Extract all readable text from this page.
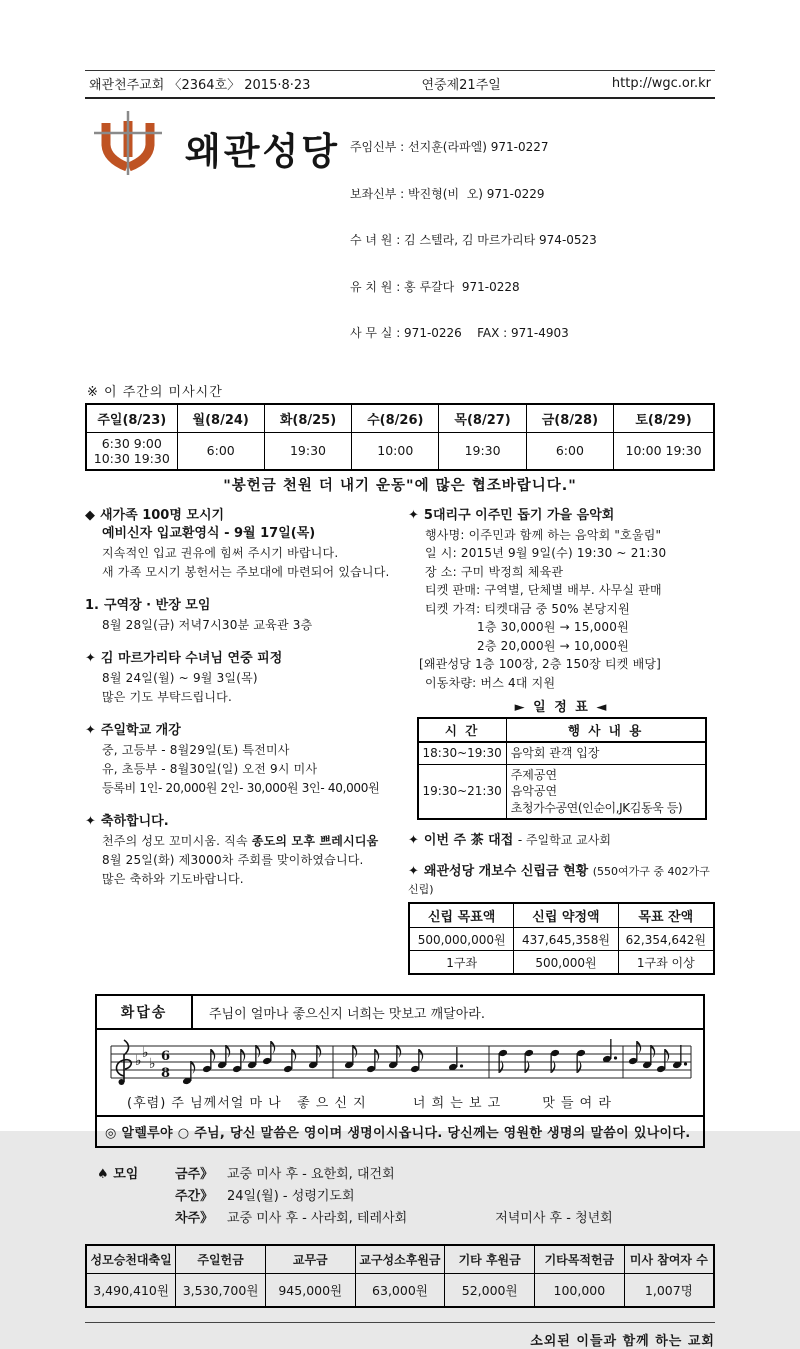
왜관천주교회 〈2364호〉 2015·8·23	연중제21주일	http://wgc.or.kr
왜관성당

주임신부 : 선지훈(라파엘) 971-0227

보좌신부 : 박진형(비  오) 971-0229

수 녀 원 : 김 스텔라, 김 마르가리타 974-0523

유 치 원 : 홍 루갈다  971-0228

사 무 실 : 971-0226    FAX : 971-4903

※ 이 주간의 미사시간
주일(8/23)	월(8/24)	화(8/25)	수(8/26)	목(8/27)	금(8/28)	토(8/29)

6:30 9:00
10:30 19:30	6:00	19:30	10:00	19:30	6:00	10:00 19:30
"봉헌금 천원 더 내기 운동"에 많은 협조바랍니다."
◆ 새가족 100명 모시기
예비신자 입교환영식 - 9월 17일(목)
지속적인 입교 권유에 힘써 주시기 바랍니다.
새 가족 모시기 봉헌서는 주보대에 마련되어 있습니다.
1. 구역장 · 반장 모임
8월 28일(금) 저녁7시30분 교육관 3층
✦ 김 마르가리타 수녀님 연중 피정
8월 24일(월) ~ 9월 3일(목)
많은 기도 부탁드립니다.
✦ 주일학교 개강
중, 고등부 - 8월29일(토) 특전미사
유, 초등부 - 8월30일(일) 오전 9시 미사
등록비 1인- 20,000원 2인- 30,000원 3인- 40,000원
✦ 축하합니다.
천주의 성모 꼬미시움. 직속 종도의 모후 쁘레시디움
8월 25일(화) 제3000차 주회를 맞이하였습니다.
많은 축하와 기도바랍니다.
✦ 5대리구 이주민 돕기 가을 음악회
행사명: 이주민과 함께 하는 음악회 "호울림"
일 시: 2015년 9월 9일(수) 19:30 ~ 21:30
장 소: 구미 박정희 체육관
티켓 판매: 구역별, 단체별 배부. 사무실 판매
티켓 가격: 티켓대금 중 50% 본당지원
1층 30,000원 → 15,000원
2층 20,000원 → 10,000원
[왜관성당 1층 100장, 2층 150장 티켓 배당]
이동차량: 버스 4대 지원
► 일 정 표 ◄
시 간	행 사 내 용
18:30~19:30	음악회 관객 입장

19:30~21:30	주제공연
음악공연
초청가수공연(인순이,JK김동욱 등)
✦ 이번 주 茶 대접 - 주일학교 교사회
✦ 왜관성당 개보수 신립금 현황 (550여가구 중 402가구 신립)
신립 목표액	신립 약정액	목표 잔액
500,000,000원	437,645,358원	62,354,642원
1구좌	500,000원	1구좌 이상
화답송	주님이 얼마나 좋으신지 너희는 맛보고 깨달아라.
♭ ♭
♭ 6
8
(후렴) 주 님께서얼 마 나   좋 으 신 지         너 희 는 보 고        맛 들 여 라
◎ 알렐루야 ○ 주님, 당신 말씀은 영이며 생명이시옵니다. 당신께는 영원한 생명의 말씀이 있나이다.
♠ 모임	금주》	교중 미사 후 - 요한회, 대건회
주간》	24일(월) - 성령기도회
차주》	교중 미사 후 - 사라회, 테레사회	저녁미사 후 - 청년회
성모승천대축일	주일헌금	교무금	교구성소후원금	기타 후원금	기타목적헌금	미사 참여자 수
3,490,410원	3,530,700원	945,000원	63,000원	52,000원	100,000	1,007명
소외된 이들과 함께 하는 교회
